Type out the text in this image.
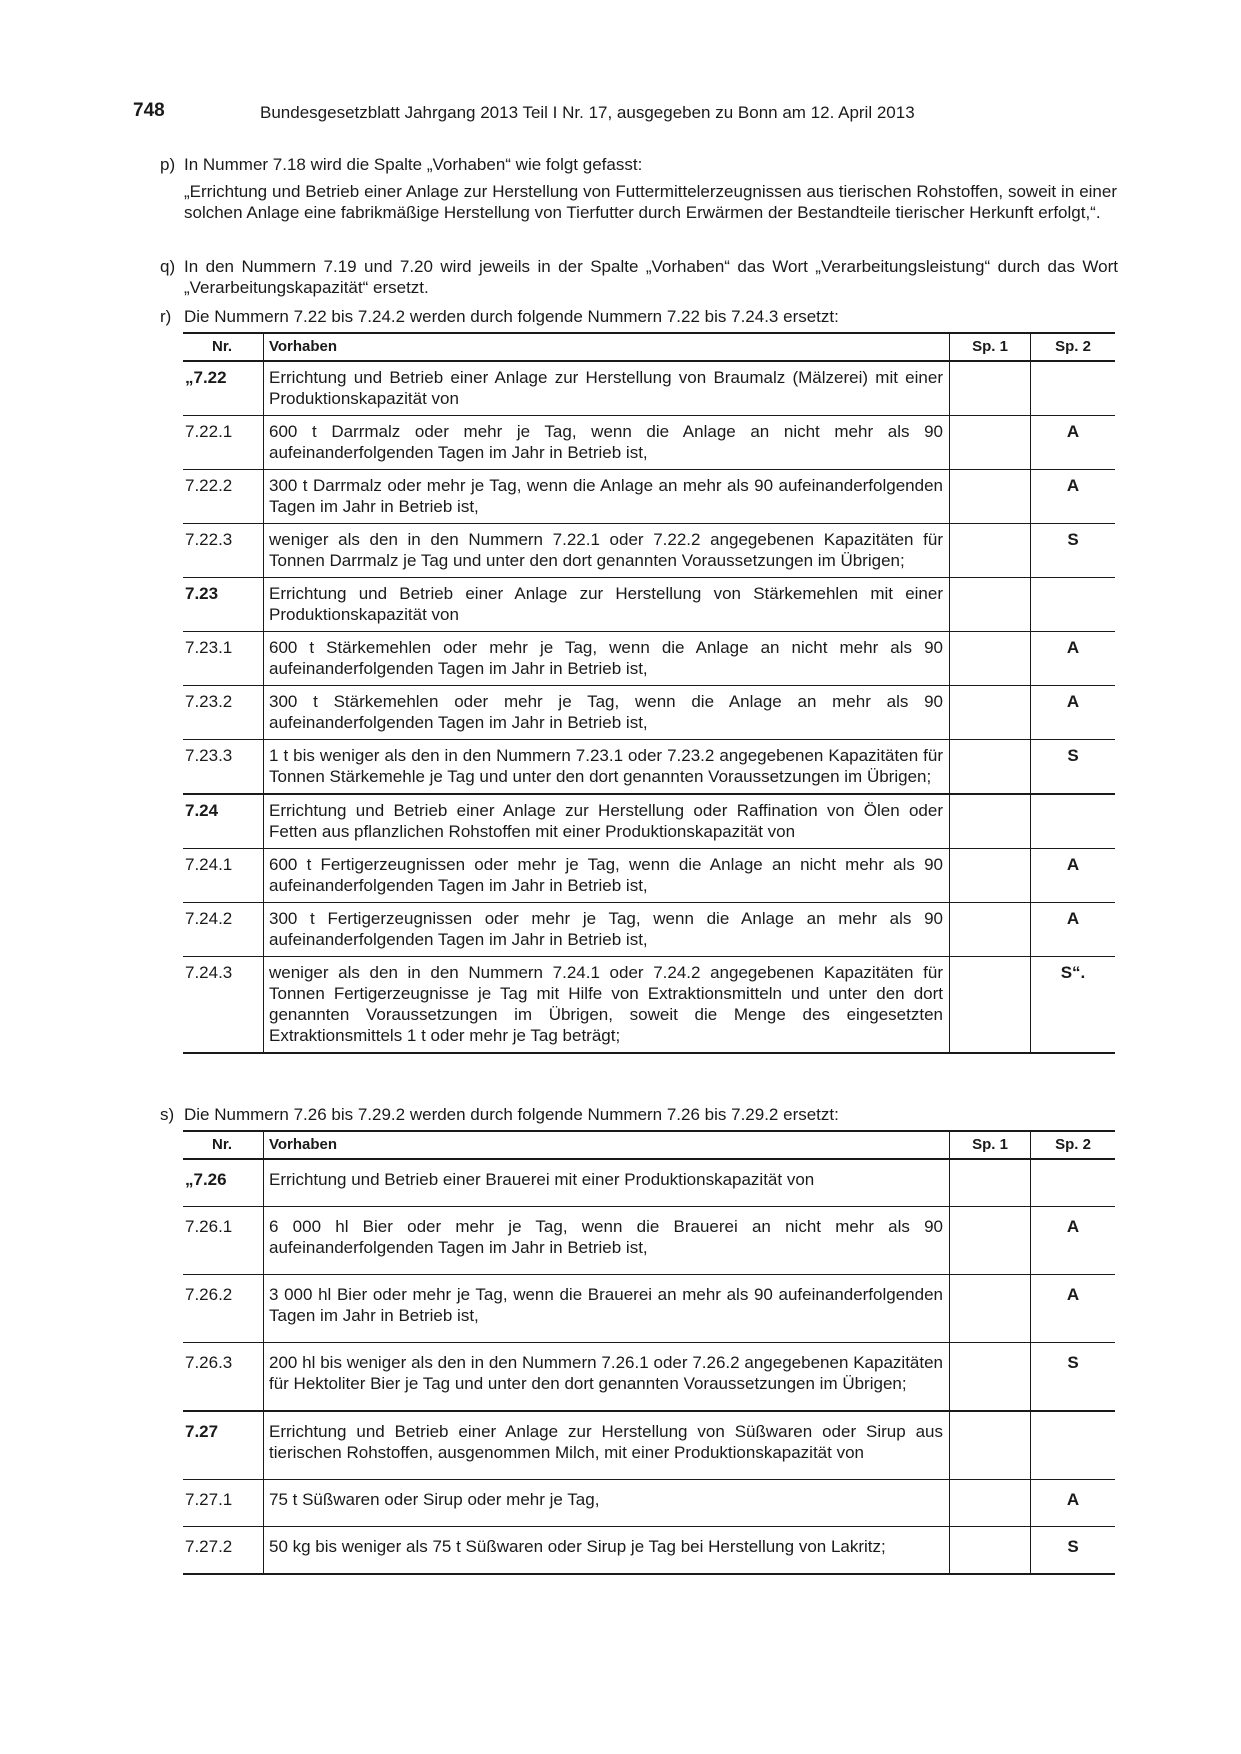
748	Bundesgesetzblatt Jahrgang 2013 Teil I Nr. 17, ausgegeben zu Bonn am 12. April 2013
p) In Nummer 7.18 wird die Spalte „Vorhaben“ wie folgt gefasst:
„Errichtung und Betrieb einer Anlage zur Herstellung von Futtermittelerzeugnissen aus tierischen Rohstoffen, soweit in einer solchen Anlage eine fabrikmäßige Herstellung von Tierfutter durch Erwärmen der Bestandteile tierischer Herkunft erfolgt,“.
q) In den Nummern 7.19 und 7.20 wird jeweils in der Spalte „Vorhaben“ das Wort „Verarbeitungsleistung“ durch das Wort „Verarbeitungskapazität“ ersetzt.
r) Die Nummern 7.22 bis 7.24.2 werden durch folgende Nummern 7.22 bis 7.24.3 ersetzt:
Nr.	Vorhaben	Sp. 1	Sp. 2
„7.22	Errichtung und Betrieb einer Anlage zur Herstellung von Braumalz (Mälzerei) mit einer Produktionskapazität von		
7.22.1	600 t Darrmalz oder mehr je Tag, wenn die Anlage an nicht mehr als 90 aufeinanderfolgenden Tagen im Jahr in Betrieb ist,		A
7.22.2	300 t Darrmalz oder mehr je Tag, wenn die Anlage an mehr als 90 aufeinanderfolgenden Tagen im Jahr in Betrieb ist,		A
7.22.3	weniger als den in den Nummern 7.22.1 oder 7.22.2 angegebenen Kapazitäten für Tonnen Darrmalz je Tag und unter den dort genannten Voraussetzungen im Übrigen;		S
7.23	Errichtung und Betrieb einer Anlage zur Herstellung von Stärkemehlen mit einer Produktionskapazität von		
7.23.1	600 t Stärkemehlen oder mehr je Tag, wenn die Anlage an nicht mehr als 90 aufeinanderfolgenden Tagen im Jahr in Betrieb ist,		A
7.23.2	300 t Stärkemehlen oder mehr je Tag, wenn die Anlage an mehr als 90 aufeinanderfolgenden Tagen im Jahr in Betrieb ist,		A
7.23.3	1 t bis weniger als den in den Nummern 7.23.1 oder 7.23.2 angegebenen Kapazitäten für Tonnen Stärkemehle je Tag und unter den dort genannten Voraussetzungen im Übrigen;		S
7.24	Errichtung und Betrieb einer Anlage zur Herstellung oder Raffination von Ölen oder Fetten aus pflanzlichen Rohstoffen mit einer Produktionskapazität von		
7.24.1	600 t Fertigerzeugnissen oder mehr je Tag, wenn die Anlage an nicht mehr als 90 aufeinanderfolgenden Tagen im Jahr in Betrieb ist,		A
7.24.2	300 t Fertigerzeugnissen oder mehr je Tag, wenn die Anlage an mehr als 90 aufeinanderfolgenden Tagen im Jahr in Betrieb ist,		A
7.24.3	weniger als den in den Nummern 7.24.1 oder 7.24.2 angegebenen Kapazitäten für Tonnen Fertigerzeugnisse je Tag mit Hilfe von Extraktionsmitteln und unter den dort genannten Voraussetzungen im Übrigen, soweit die Menge des eingesetzten Extraktionsmittels 1 t oder mehr je Tag beträgt;		S“.
s) Die Nummern 7.26 bis 7.29.2 werden durch folgende Nummern 7.26 bis 7.29.2 ersetzt:
Nr.	Vorhaben	Sp. 1	Sp. 2
„7.26	Errichtung und Betrieb einer Brauerei mit einer Produktionskapazität von		
7.26.1	6 000 hl Bier oder mehr je Tag, wenn die Brauerei an nicht mehr als 90 aufeinanderfolgenden Tagen im Jahr in Betrieb ist,		A
7.26.2	3 000 hl Bier oder mehr je Tag, wenn die Brauerei an mehr als 90 aufeinanderfolgenden Tagen im Jahr in Betrieb ist,		A
7.26.3	200 hl bis weniger als den in den Nummern 7.26.1 oder 7.26.2 angegebenen Kapazitäten für Hektoliter Bier je Tag und unter den dort genannten Voraussetzungen im Übrigen;		S
7.27	Errichtung und Betrieb einer Anlage zur Herstellung von Süßwaren oder Sirup aus tierischen Rohstoffen, ausgenommen Milch, mit einer Produktionskapazität von		
7.27.1	75 t Süßwaren oder Sirup oder mehr je Tag,		A
7.27.2	50 kg bis weniger als 75 t Süßwaren oder Sirup je Tag bei Herstellung von Lakritz;		S
